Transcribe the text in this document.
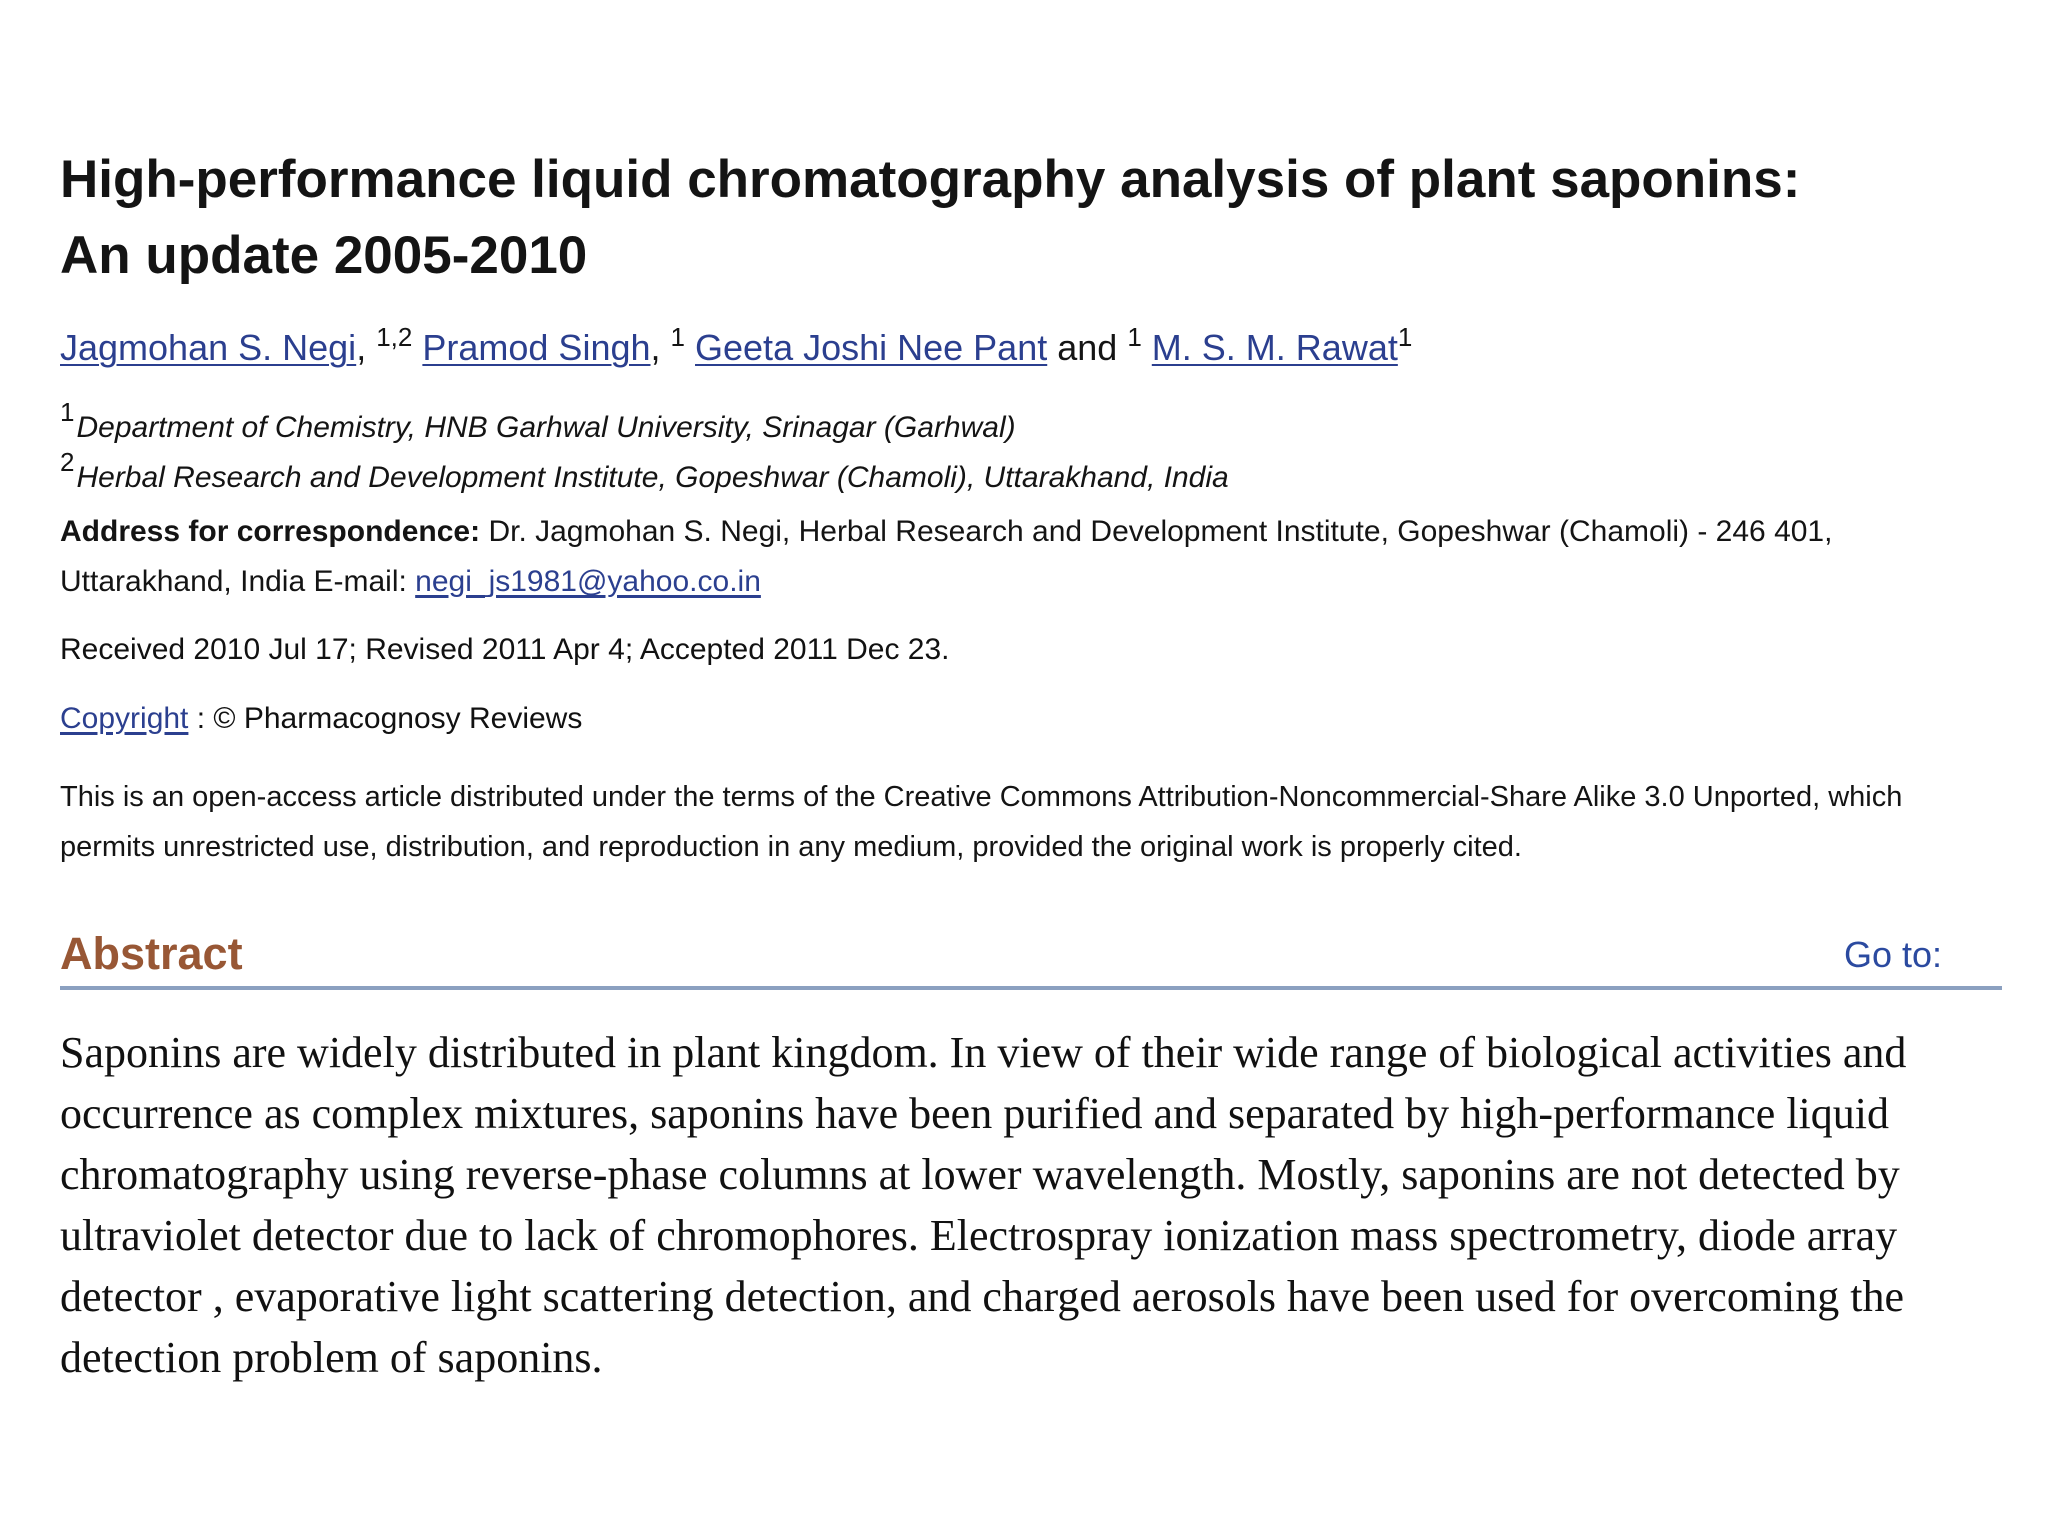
High-performance liquid chromatography analysis of plant saponins:
An update 2005-2010
Jagmohan S. Negi, $^{1,2}$ Pramod Singh, $^1$ Geeta Joshi Nee Pant and $^1$ M. S. M. Rawat$^1$
$^1$Department of Chemistry, HNB Garhwal University, Srinagar (Garhwal)
$^2$Herbal Research and Development Institute, Gopeshwar (Chamoli), Uttarakhand, India
Address for correspondence: Dr. Jagmohan S. Negi, Herbal Research and Development Institute, Gopeshwar (Chamoli) - 246 401, Uttarakhand, India E-mail: negi_js1981@yahoo.co.in
Received 2010 Jul 17; Revised 2011 Apr 4; Accepted 2011 Dec 23.
Copyright : © Pharmacognosy Reviews
This is an open-access article distributed under the terms of the Creative Commons Attribution-Noncommercial-Share Alike 3.0 Unported, which permits unrestricted use, distribution, and reproduction in any medium, provided the original work is properly cited.
Abstract	Go to:

Saponins are widely distributed in plant kingdom. In view of their wide range of biological activities and occurrence as complex mixtures, saponins have been purified and separated by high-performance liquid chromatography using reverse-phase columns at lower wavelength. Mostly, saponins are not detected by ultraviolet detector due to lack of chromophores. Electrospray ionization mass spectrometry, diode array detector , evaporative light scattering detection, and charged aerosols have been used for overcoming the detection problem of saponins.
